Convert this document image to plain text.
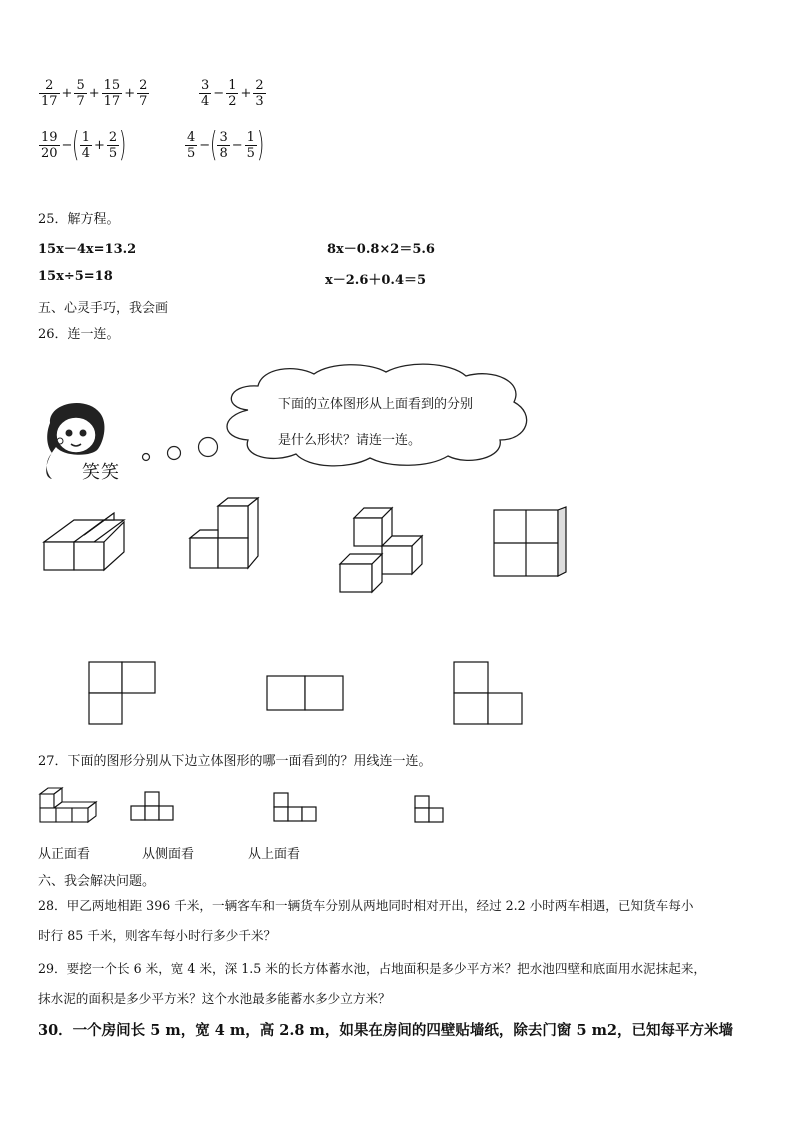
$\frac{2}{17} + \frac{5}{7} + \frac{15}{17} + \frac{2}{7}$	$\frac{3}{4} - \frac{1}{2} + \frac{2}{3}$
$\frac{19}{20}$ − ( $\frac{1}{4} + \frac{2}{5}$ )	$\frac{4}{5}$ − ( $\frac{3}{8} - \frac{1}{5}$ )
25．解方程。
15x－4x=13.2	8x－0.8×2＝5.6
15x÷5=18	x－2.6＋0.4＝5
五、心灵手巧，我会画
26．连一连。
笑笑
下面的立体图形从上面看到的分别
是什么形状？请连一连。
27．下面的图形分别从下边立体图形的哪一面看到的？用线连一连。
从正面看	从侧面看	从上面看
六、我会解决问题。
28．甲乙两地相距 396 千米，一辆客车和一辆货车分别从两地同时相对开出，经过 2.2 小时两车相遇，已知货车每小
时行 85 千米，则客车每小时行多少千米？
29．要挖一个长 6 米，宽 4 米，深 1.5 米的长方体蓄水池，占地面积是多少平方米？把水池四壁和底面用水泥抹起来，
抹水泥的面积是多少平方米？这个水池最多能蓄水多少立方米？
30．一个房间长 5 m，宽 4 m，高 2.8 m，如果在房间的四壁贴墙纸，除去门窗 5 m2，已知每平方米墙
